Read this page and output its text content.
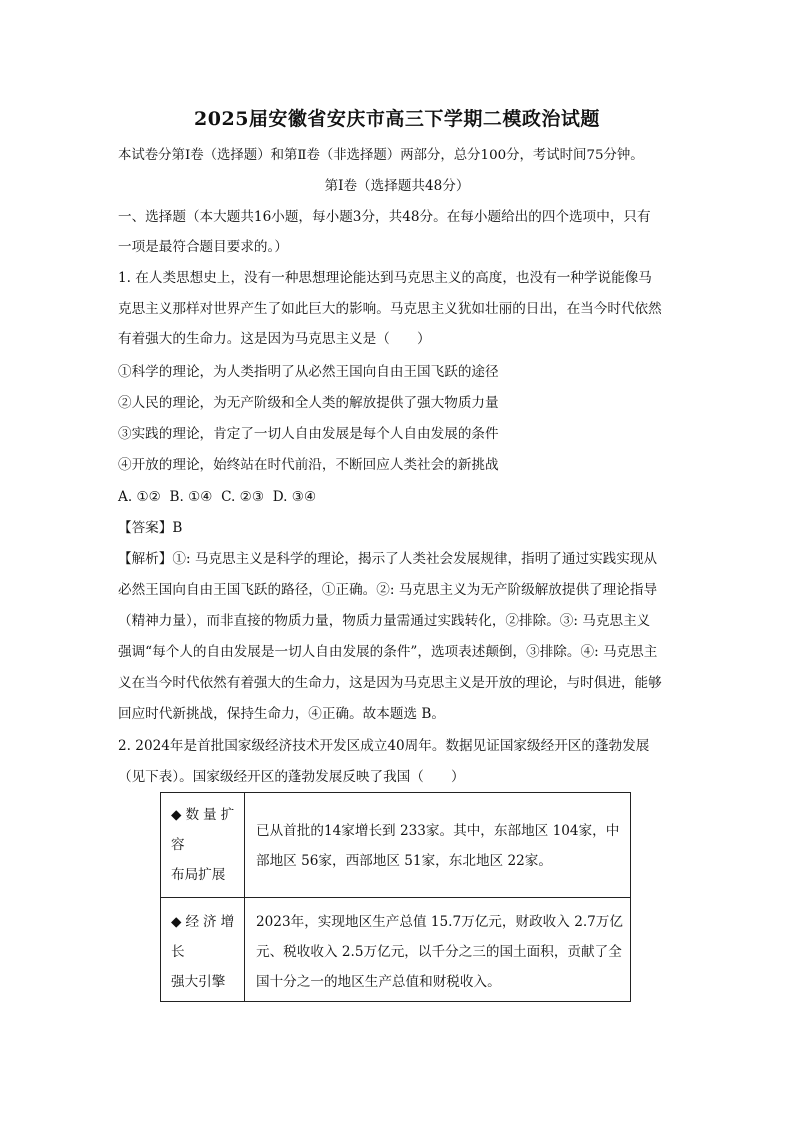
2025届安徽省安庆市高三下学期二模政治试题
本试卷分第Ⅰ卷（选择题）和第Ⅱ卷（非选择题）两部分，总分100分，考试时间75分钟。
第Ⅰ卷（选择题共48分）
一、选择题（本大题共16小题，每小题3分，共48分。在每小题给出的四个选项中，只有
一项是最符合题目要求的。）
1. 在人类思想史上，没有一种思想理论能达到马克思主义的高度，也没有一种学说能像马
克思主义那样对世界产生了如此巨大的影响。马克思主义犹如壮丽的日出，在当今时代依然
有着强大的生命力。这是因为马克思主义是（　　）
①科学的理论，为人类指明了从必然王国向自由王国飞跃的途径
②人民的理论，为无产阶级和全人类的解放提供了强大物质力量
③实践的理论，肯定了一切人自由发展是每个人自由发展的条件
④开放的理论，始终站在时代前沿，不断回应人类社会的新挑战
A. ①②  B. ①④  C. ②③  D. ③④
【答案】B
【解析】①: 马克思主义是科学的理论，揭示了人类社会发展规律，指明了通过实践实现从
必然王国向自由王国飞跃的路径，①正确。②: 马克思主义为无产阶级解放提供了理论指导
（精神力量），而非直接的物质力量，物质力量需通过实践转化，②排除。③: 马克思主义
强调“每个人的自由发展是一切人自由发展的条件”，选项表述颠倒，③排除。④: 马克思主
义在当今时代依然有着强大的生命力，这是因为马克思主义是开放的理论，与时俱进，能够
回应时代新挑战，保持生命力，④正确。故本题选 B。
2. 2024年是首批国家级经济技术开发区成立40周年。数据见证国家级经开区的蓬勃发展
（见下表）。国家级经开区的蓬勃发展反映了我国（　　）
◆数量扩
容
布局扩展
已从首批的14家增长到 233家。其中，东部地区 104家，中
部地区 56家，西部地区 51家，东北地区 22家。
◆经济增
长
强大引擎
2023年，实现地区生产总值 15.7万亿元，财政收入 2.7万亿
元、税收收入 2.5万亿元，以千分之三的国土面积，贡献了全
国十分之一的地区生产总值和财税收入。
